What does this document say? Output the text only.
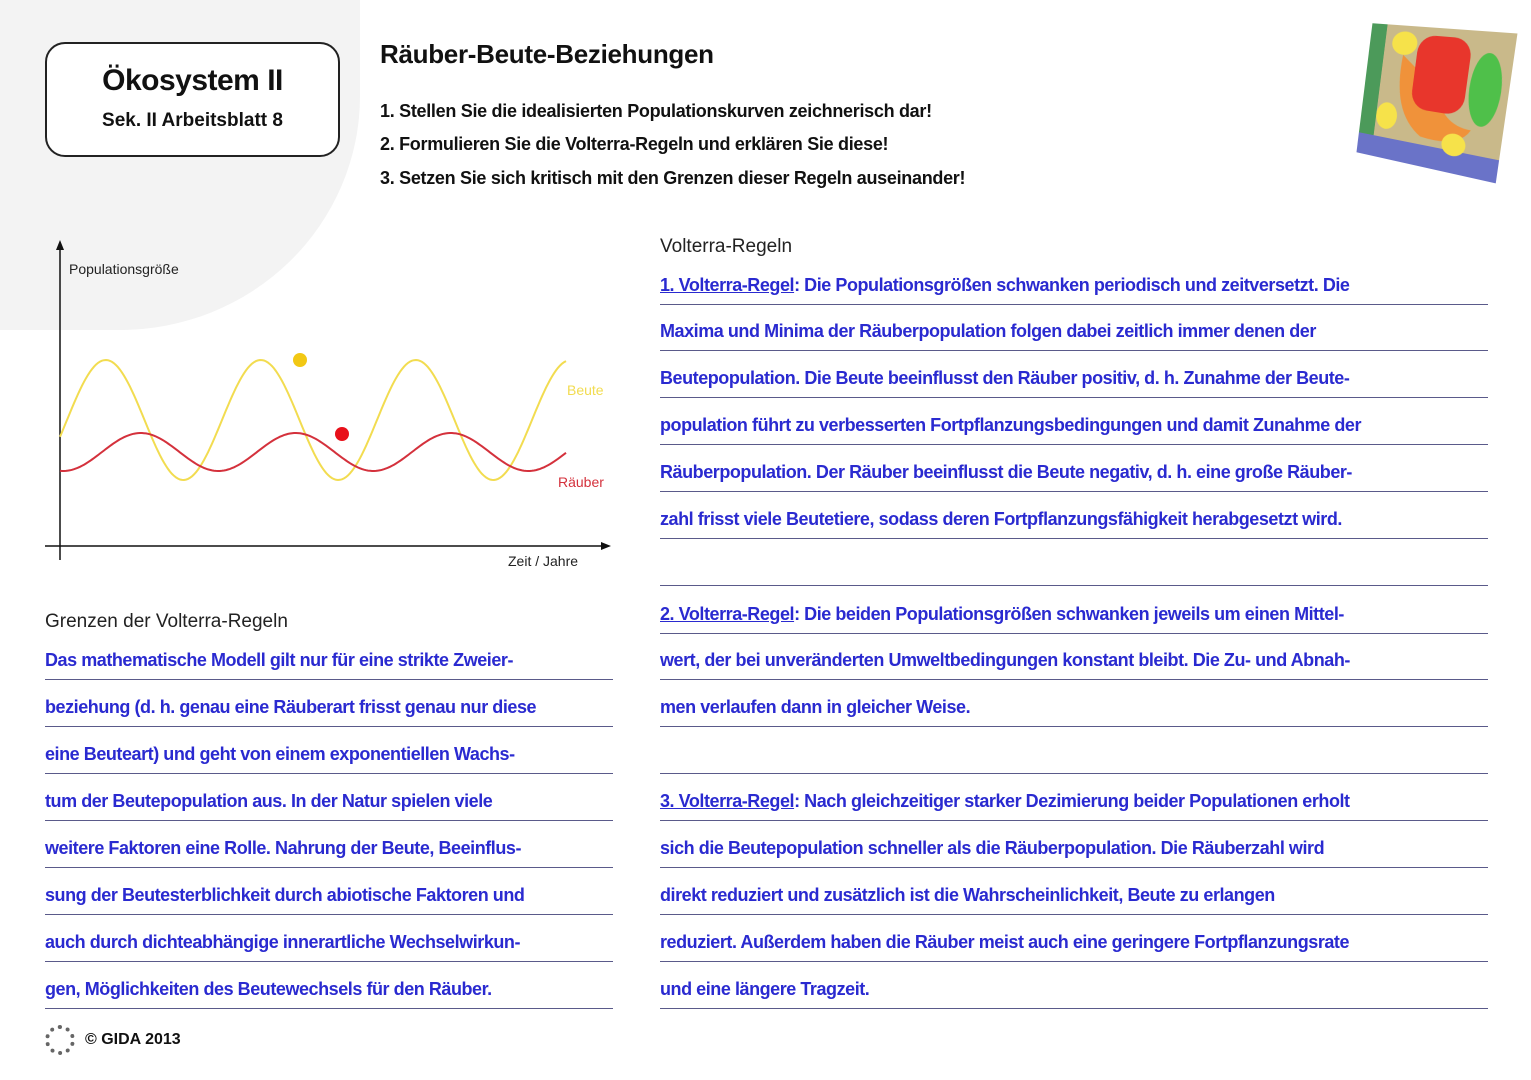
Ökosystem II
Sek. II Arbeitsblatt 8
Räuber-Beute-Beziehungen
1. Stellen Sie die idealisierten Populationskurven zeichnerisch dar!
2. Formulieren Sie die Volterra-Regeln und erklären Sie diese!
3. Setzen Sie sich kritisch mit den Grenzen dieser Regeln auseinander!
Populationsgröße
Zeit / Jahre
Beute
Räuber
Volterra-Regeln
1. Volterra-Regel: Die Populationsgrößen schwanken periodisch und zeitversetzt. Die
Maxima und Minima der Räuberpopulation folgen dabei zeitlich immer denen der
Beutepopulation. Die Beute beeinflusst den Räuber positiv, d. h. Zunahme der Beute-
population führt zu verbesserten Fortpflanzungsbedingungen und damit Zunahme der
Räuberpopulation. Der Räuber beeinflusst die Beute negativ, d. h. eine große Räuber-
zahl frisst viele Beutetiere, sodass deren Fortpflanzungsfähigkeit herabgesetzt wird.
2. Volterra-Regel: Die beiden Populationsgrößen schwanken jeweils um einen Mittel-
wert, der bei unveränderten Umweltbedingungen konstant bleibt. Die Zu- und Abnah-
men verlaufen dann in gleicher Weise.
3. Volterra-Regel: Nach gleichzeitiger starker Dezimierung beider Populationen erholt
sich die Beutepopulation schneller als die Räuberpopulation. Die Räuberzahl wird
direkt reduziert und zusätzlich ist die Wahrscheinlichkeit, Beute zu erlangen
reduziert. Außerdem haben die Räuber meist auch eine geringere Fortpflanzungsrate
und eine längere Tragzeit.
Grenzen der Volterra-Regeln
Das mathematische Modell gilt nur für eine strikte Zweier-
beziehung (d. h. genau eine Räuberart frisst genau nur diese
eine Beuteart) und geht von einem exponentiellen Wachs-
tum der Beutepopulation aus. In der Natur spielen viele
weitere Faktoren eine Rolle. Nahrung der Beute, Beeinflus-
sung der Beutesterblichkeit durch abiotische Faktoren und
auch durch dichteabhängige innerartliche Wechselwirkun-
gen, Möglichkeiten des Beutewechsels für den Räuber.
© GIDA 2013
